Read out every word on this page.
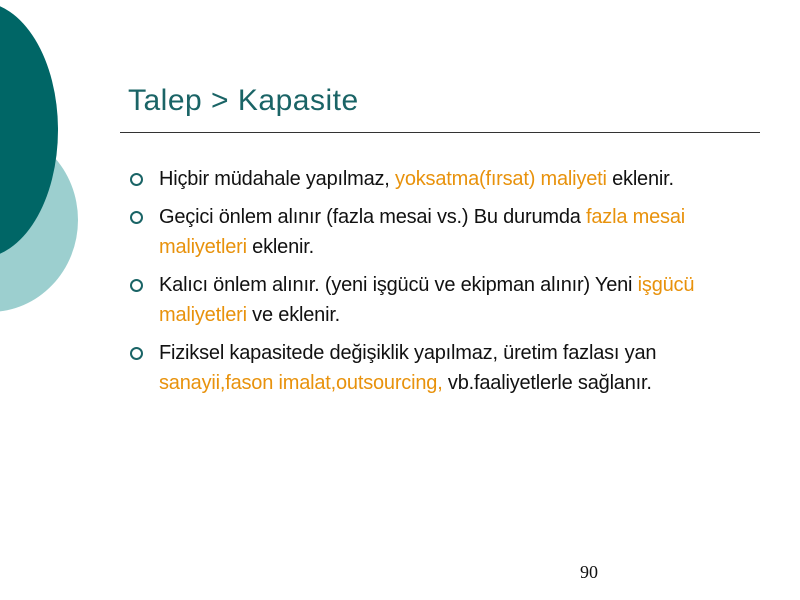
Talep > Kapasite
Hiçbir müdahale yapılmaz, yoksatma(fırsat) maliyeti eklenir.
Geçici önlem alınır (fazla mesai vs.) Bu durumda fazla mesai maliyetleri eklenir.
Kalıcı önlem alınır. (yeni işgücü ve ekipman alınır) Yeni işgücü maliyetleri ve eklenir.
Fiziksel kapasitede değişiklik yapılmaz, üretim fazlası yan sanayii,fason imalat,outsourcing, vb.faaliyetlerle sağlanır.
90
